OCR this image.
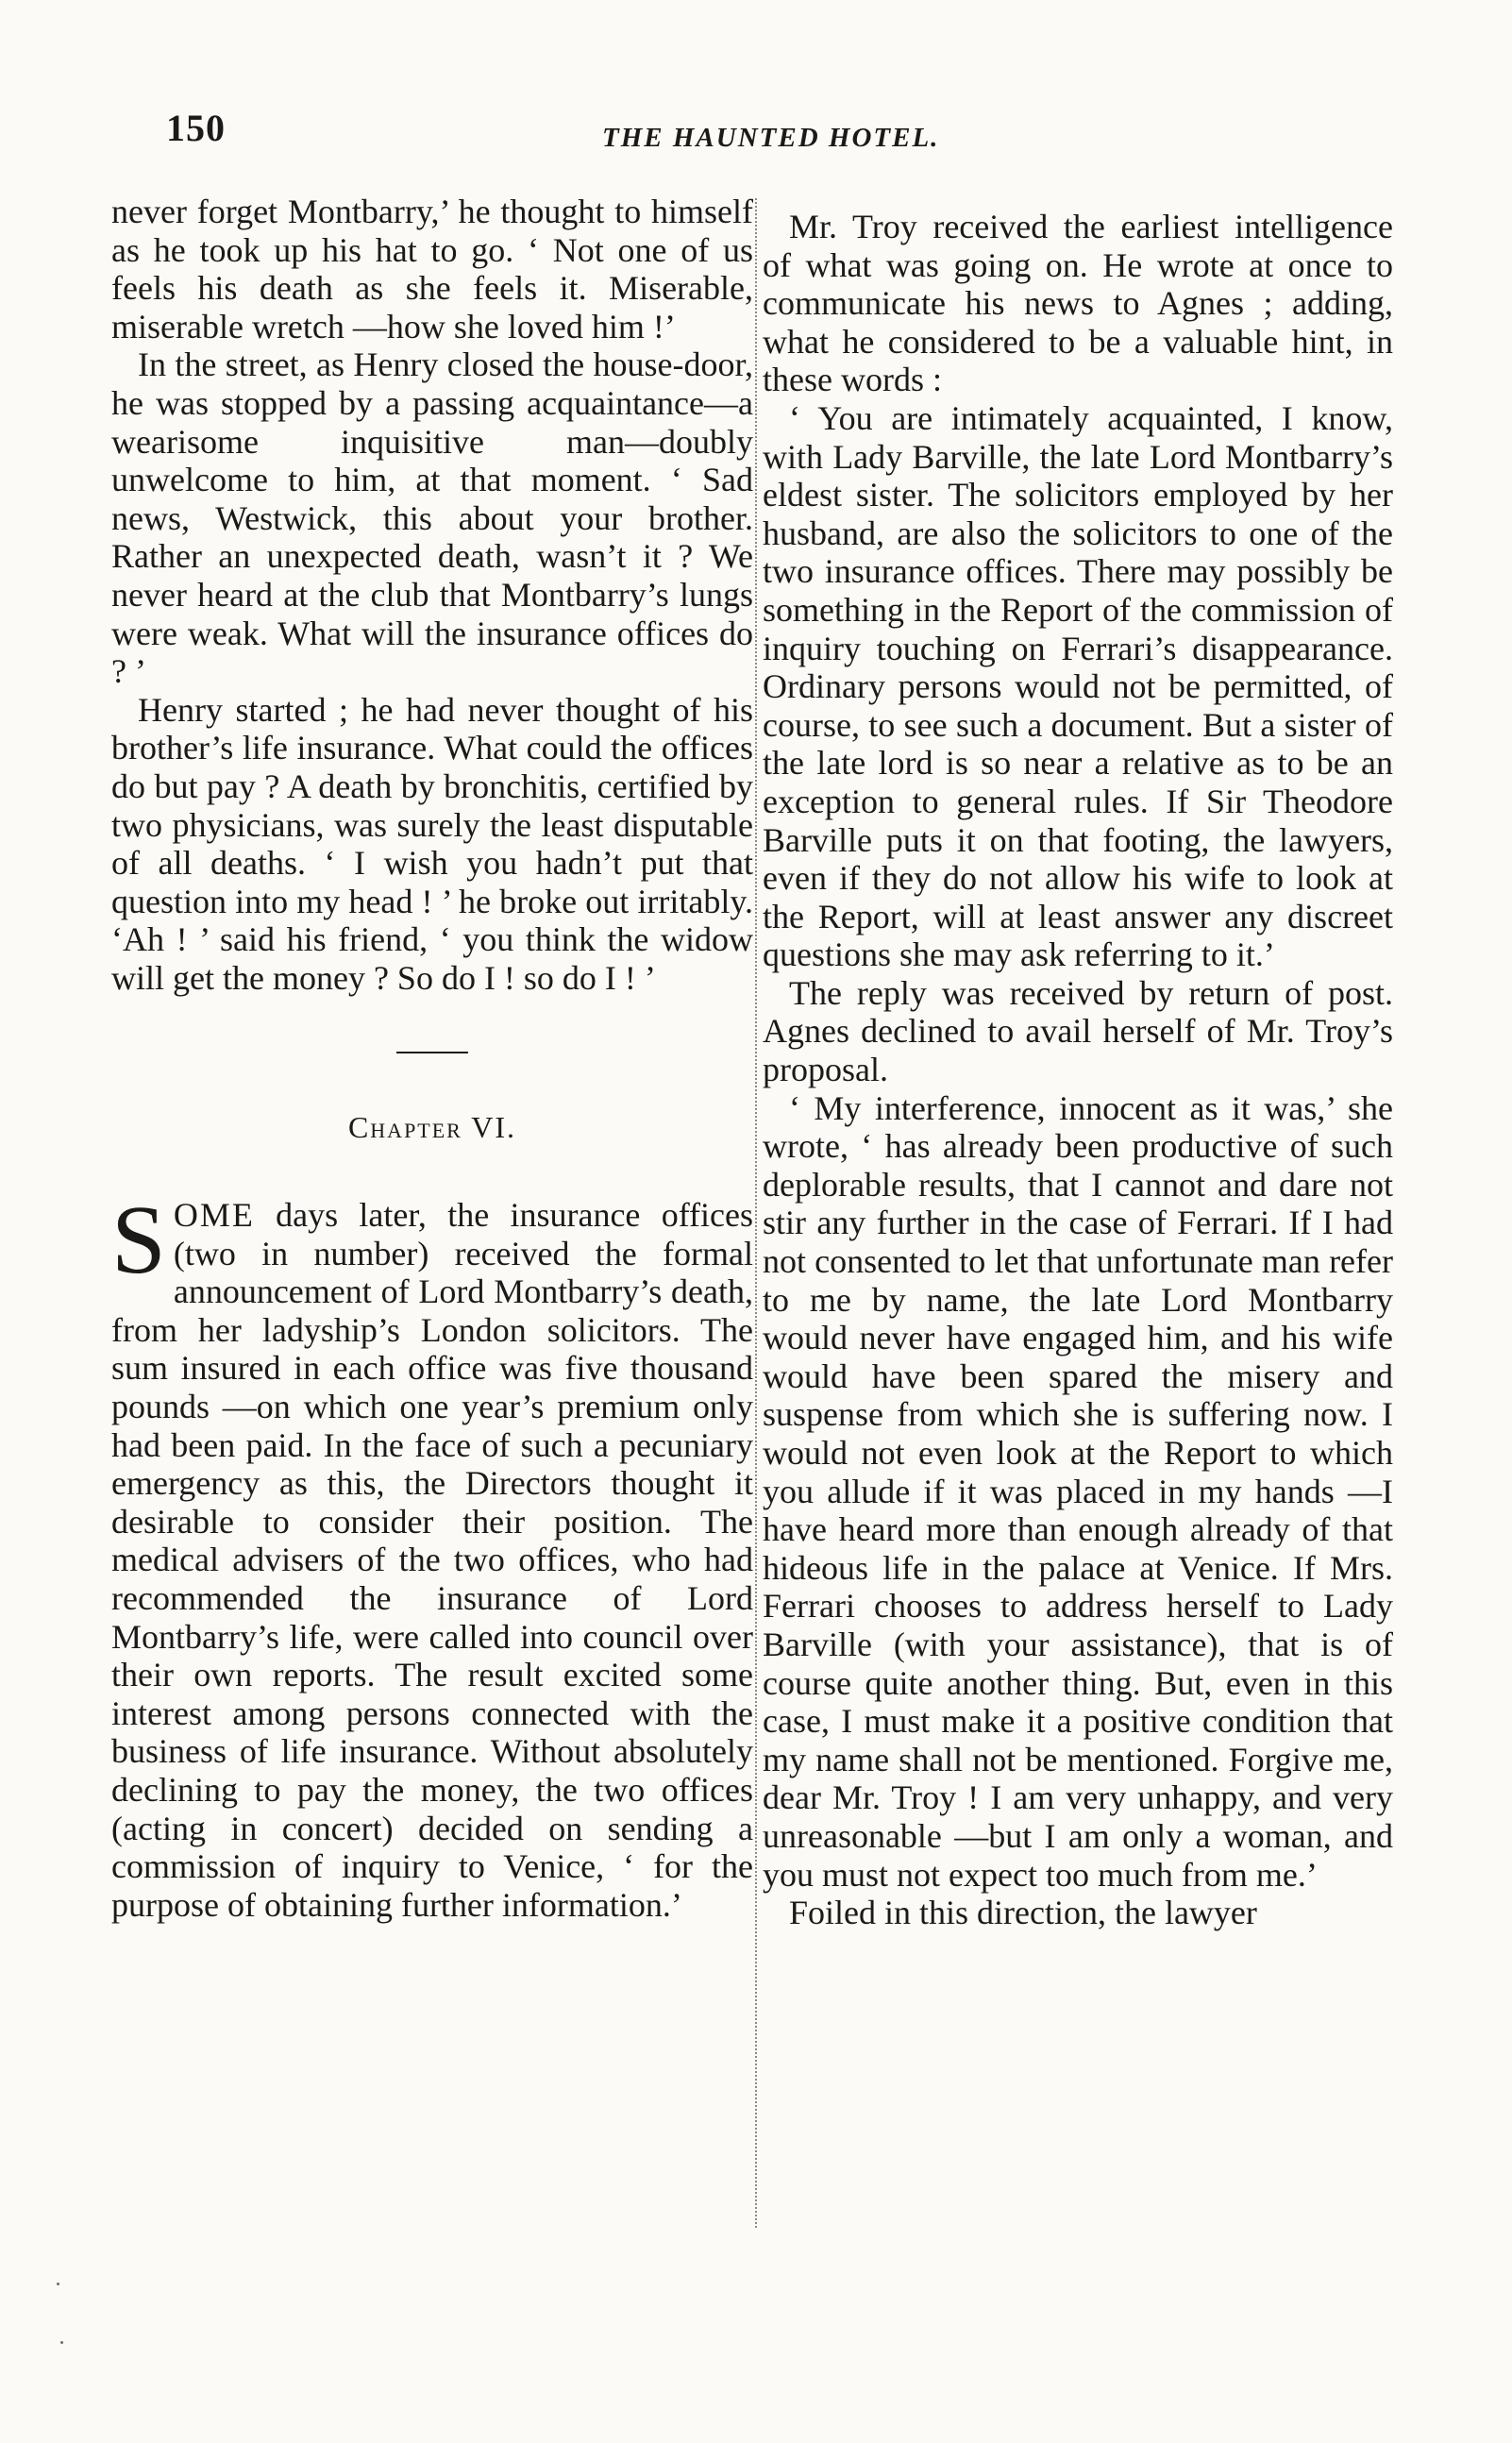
150	THE HAUNTED HOTEL.

never forget Montbarry,’ he thought to himself as he took up his hat to go. ‘ Not one of us feels his death as she feels it. Miserable, miserable wretch —how she loved him !’

In the street, as Henry closed the house-door, he was stopped by a passing acquaintance—a wearisome inquisitive man—doubly unwelcome to him, at that moment. ‘ Sad news, Westwick, this about your brother. Rather an unexpected death, wasn’t it ? We never heard at the club that Montbarry’s lungs were weak. What will the insurance offices do ? ’

Henry started ; he had never thought of his brother’s life insurance. What could the offices do but pay ? A death by bronchitis, certified by two physicians, was surely the least disputable of all deaths. ‘ I wish you hadn’t put that question into my head ! ’ he broke out irritably. ‘Ah ! ’ said his friend, ‘ you think the widow will get the money ? So do I ! so do I ! ’

Chapter VI.

SOME days later, the insurance offices (two in number) received the formal announcement of Lord Montbarry’s death, from her ladyship’s London solicitors. The sum insured in each office was five thousand pounds —on which one year’s premium only had been paid. In the face of such a pecuniary emergency as this, the Directors thought it desirable to consider their position. The medical advisers of the two offices, who had recommended the insurance of Lord Montbarry’s life, were called into council over their own reports. The result excited some interest among persons connected with the business of life insurance. Without absolutely declining to pay the money, the two offices (acting in concert) decided on sending a commission of inquiry to Venice, ‘ for the purpose of obtaining further information.’

Mr. Troy received the earliest intelligence of what was going on. He wrote at once to communicate his news to Agnes ; adding, what he considered to be a valuable hint, in these words :

‘ You are intimately acquainted, I know, with Lady Barville, the late Lord Montbarry’s eldest sister. The solicitors employed by her husband, are also the solicitors to one of the two insurance offices. There may possibly be something in the Report of the commission of inquiry touching on Ferrari’s disappearance. Ordinary persons would not be permitted, of course, to see such a document. But a sister of the late lord is so near a relative as to be an exception to general rules. If Sir Theodore Barville puts it on that footing, the lawyers, even if they do not allow his wife to look at the Report, will at least answer any discreet questions she may ask referring to it.’

The reply was received by return of post. Agnes declined to avail herself of Mr. Troy’s proposal.

‘ My interference, innocent as it was,’ she wrote, ‘ has already been productive of such deplorable results, that I cannot and dare not stir any further in the case of Ferrari. If I had not consented to let that unfortunate man refer to me by name, the late Lord Montbarry would never have engaged him, and his wife would have been spared the misery and suspense from which she is suffering now. I would not even look at the Report to which you allude if it was placed in my hands —I have heard more than enough already of that hideous life in the palace at Venice. If Mrs. Ferrari chooses to address herself to Lady Barville (with your assistance), that is of course quite another thing. But, even in this case, I must make it a positive condition that my name shall not be mentioned. Forgive me, dear Mr. Troy ! I am very unhappy, and very unreasonable —but I am only a woman, and you must not expect too much from me.’

Foiled in this direction, the lawyer
